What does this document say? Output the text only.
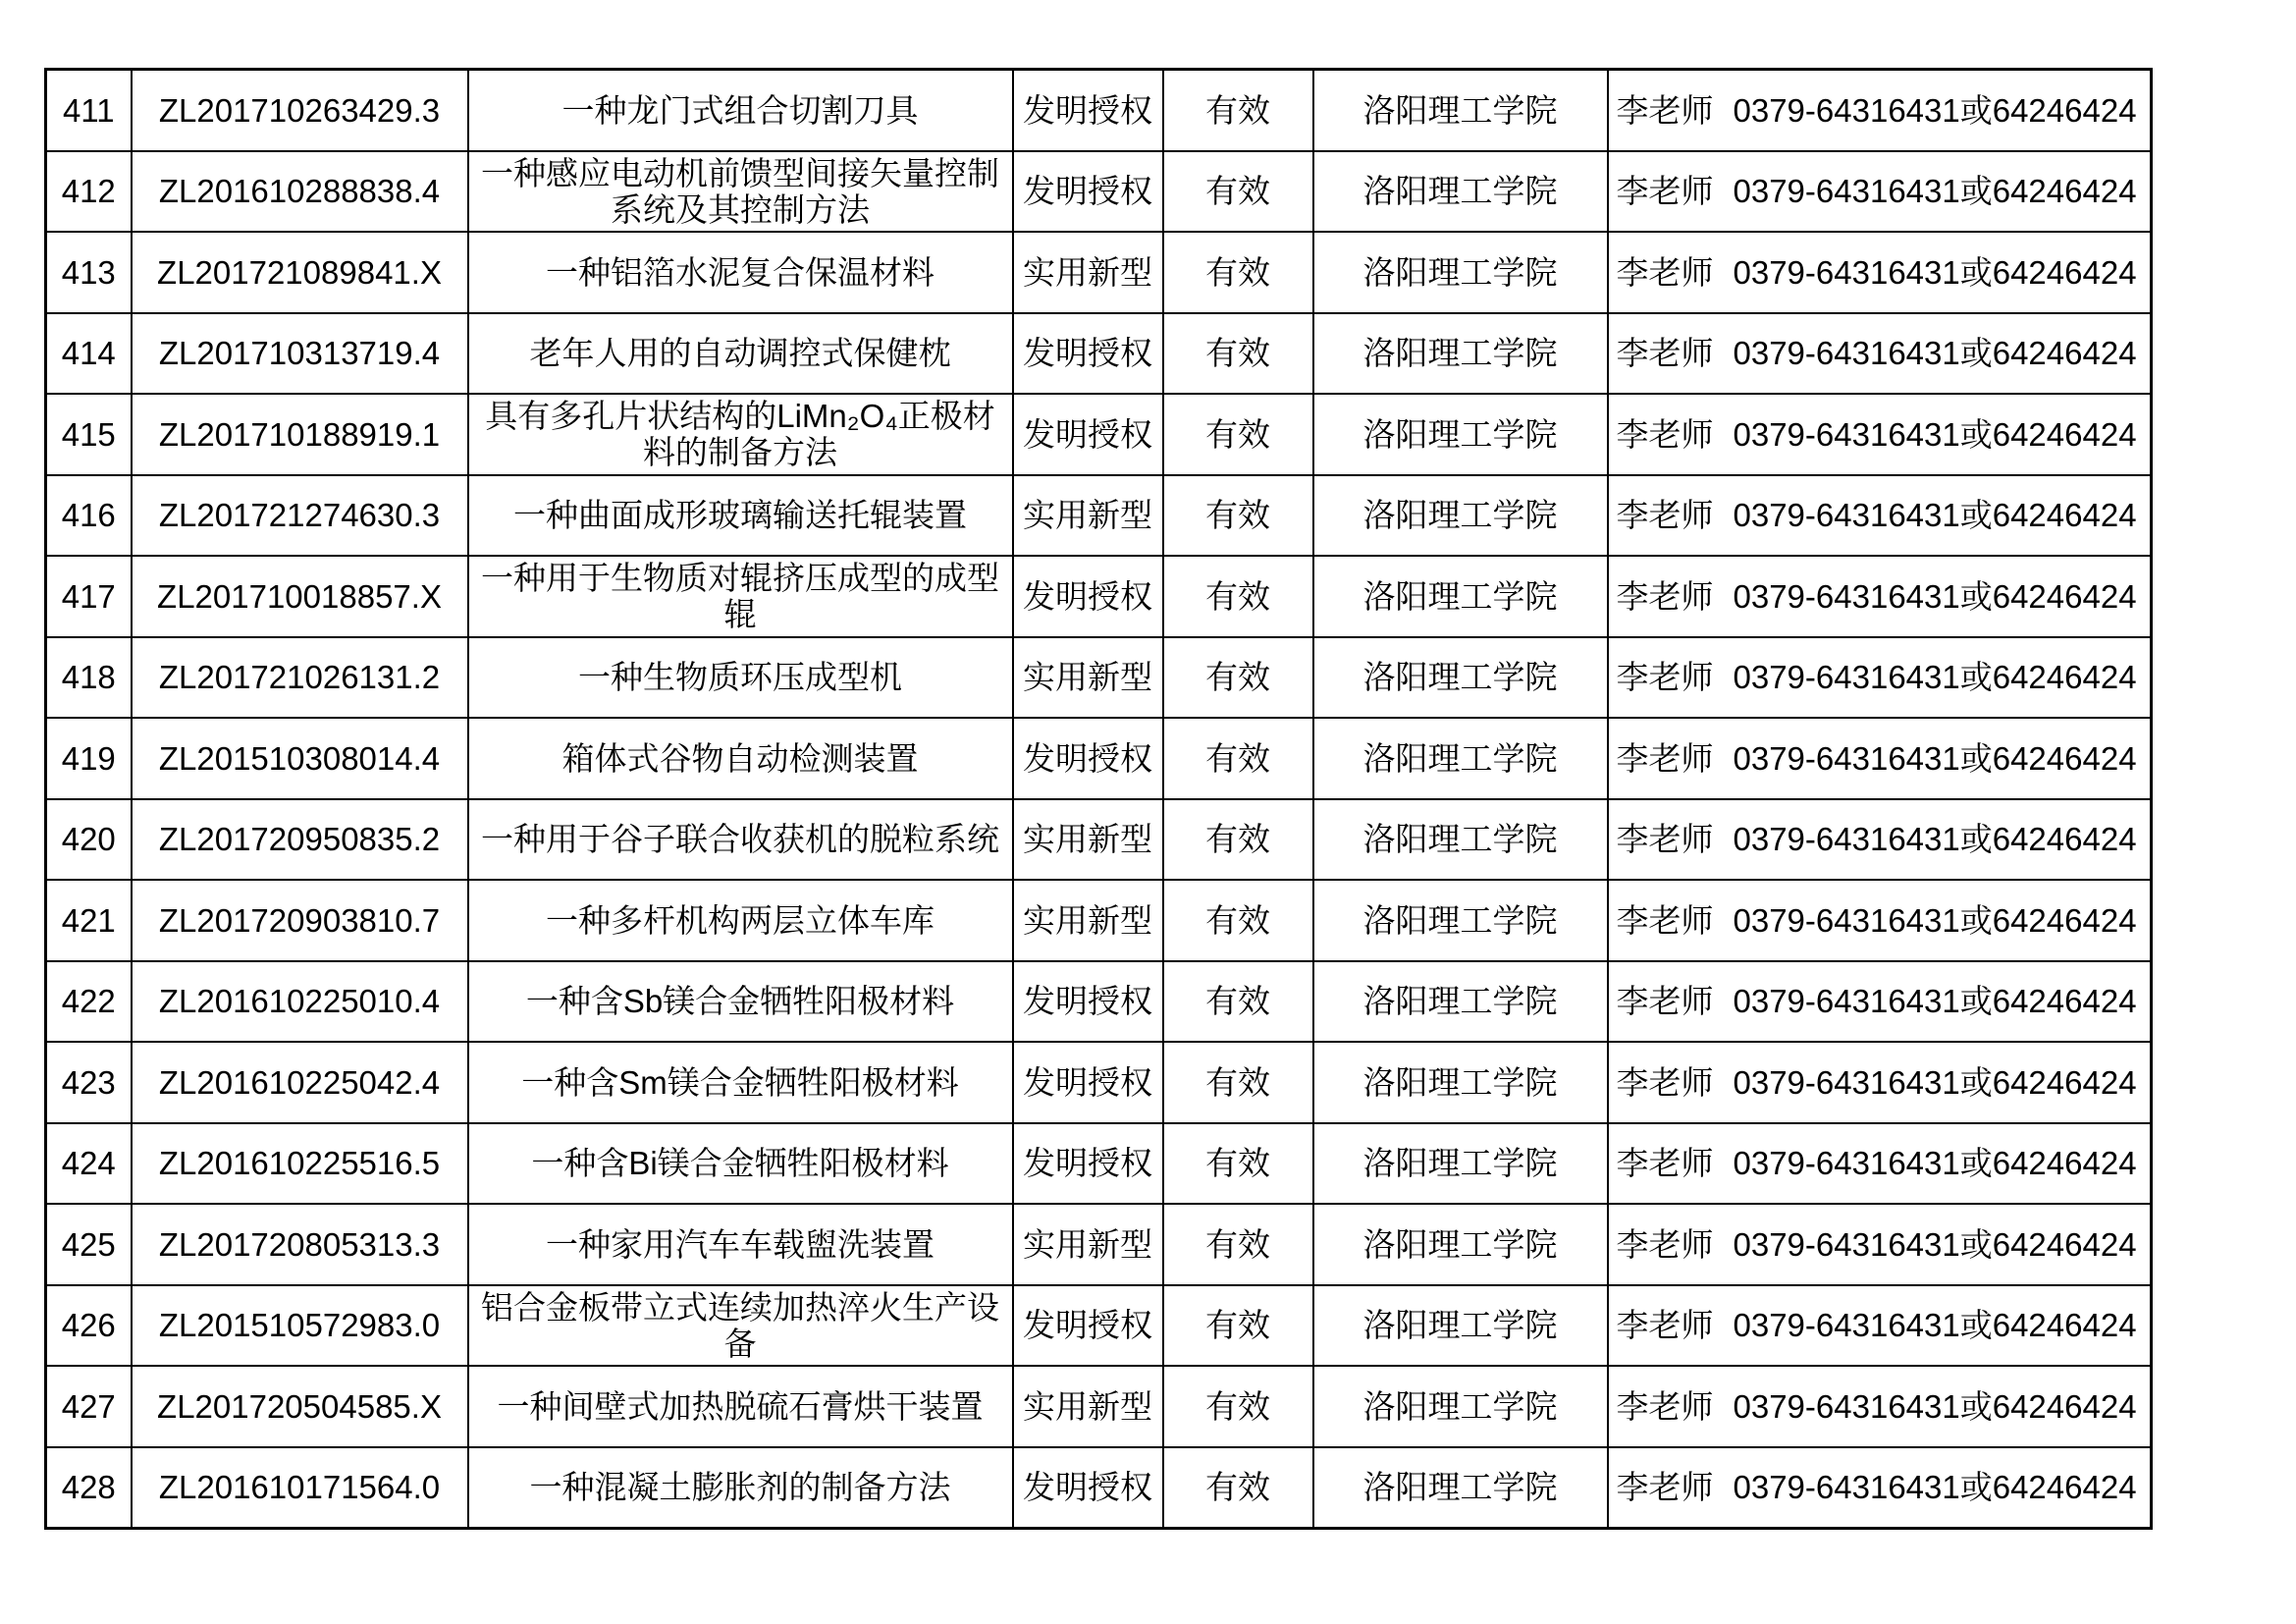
411	ZL201710263429.3	一种龙门式组合切割刀具	发明授权	有效	洛阳理工学院	李老师 0379-64316431或64246424
412	ZL201610288838.4	一种感应电动机前馈型间接矢量控制系统及其控制方法	发明授权	有效	洛阳理工学院	李老师 0379-64316431或64246424
413	ZL201721089841.X	一种铝箔水泥复合保温材料	实用新型	有效	洛阳理工学院	李老师 0379-64316431或64246424
414	ZL201710313719.4	老年人用的自动调控式保健枕	发明授权	有效	洛阳理工学院	李老师 0379-64316431或64246424
415	ZL201710188919.1	具有多孔片状结构的LiMn₂O₄正极材料的制备方法	发明授权	有效	洛阳理工学院	李老师 0379-64316431或64246424
416	ZL201721274630.3	一种曲面成形玻璃输送托辊装置	实用新型	有效	洛阳理工学院	李老师 0379-64316431或64246424
417	ZL201710018857.X	一种用于生物质对辊挤压成型的成型辊	发明授权	有效	洛阳理工学院	李老师 0379-64316431或64246424
418	ZL201721026131.2	一种生物质环压成型机	实用新型	有效	洛阳理工学院	李老师 0379-64316431或64246424
419	ZL201510308014.4	箱体式谷物自动检测装置	发明授权	有效	洛阳理工学院	李老师 0379-64316431或64246424
420	ZL201720950835.2	一种用于谷子联合收获机的脱粒系统	实用新型	有效	洛阳理工学院	李老师 0379-64316431或64246424
421	ZL201720903810.7	一种多杆机构两层立体车库	实用新型	有效	洛阳理工学院	李老师 0379-64316431或64246424
422	ZL201610225010.4	一种含Sb镁合金牺牲阳极材料	发明授权	有效	洛阳理工学院	李老师 0379-64316431或64246424
423	ZL201610225042.4	一种含Sm镁合金牺牲阳极材料	发明授权	有效	洛阳理工学院	李老师 0379-64316431或64246424
424	ZL201610225516.5	一种含Bi镁合金牺牲阳极材料	发明授权	有效	洛阳理工学院	李老师 0379-64316431或64246424
425	ZL201720805313.3	一种家用汽车车载盥洗装置	实用新型	有效	洛阳理工学院	李老师 0379-64316431或64246424
426	ZL201510572983.0	铝合金板带立式连续加热淬火生产设备	发明授权	有效	洛阳理工学院	李老师 0379-64316431或64246424
427	ZL201720504585.X	一种间壁式加热脱硫石膏烘干装置	实用新型	有效	洛阳理工学院	李老师 0379-64316431或64246424
428	ZL201610171564.0	一种混凝土膨胀剂的制备方法	发明授权	有效	洛阳理工学院	李老师 0379-64316431或64246424
